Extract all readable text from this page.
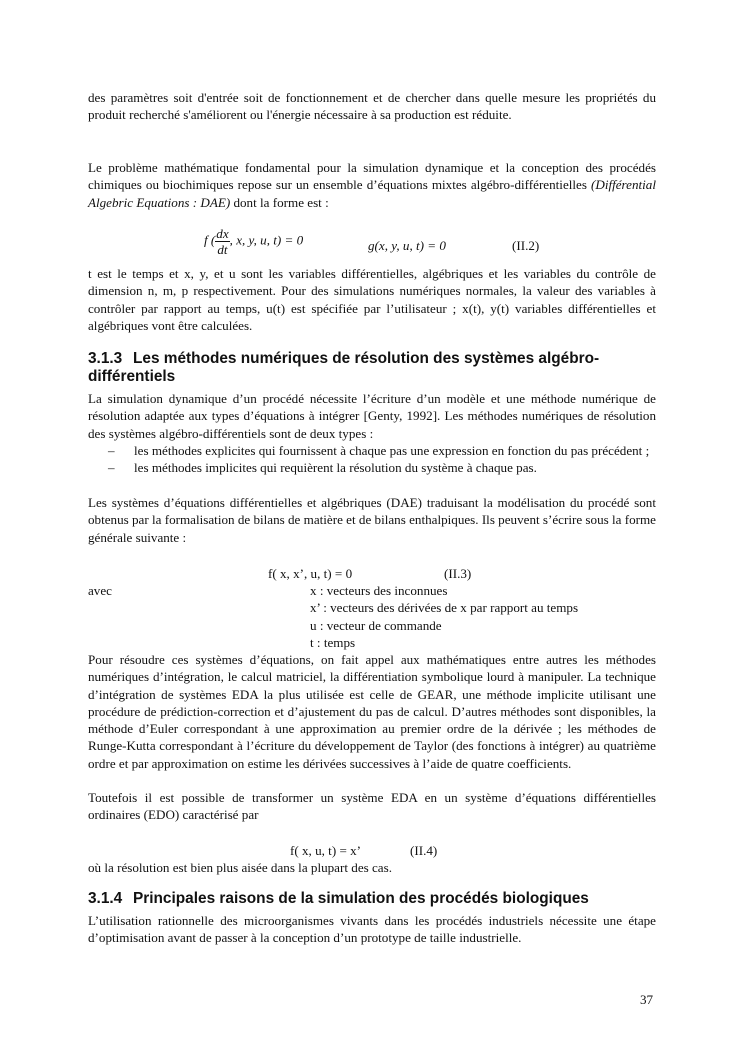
des paramètres soit d'entrée soit de fonctionnement et de chercher dans quelle mesure les propriétés du produit recherché s'améliorent ou l'énergie nécessaire à sa production est réduite.

Le problème mathématique fondamental pour la simulation dynamique et la conception des procédés chimiques ou biochimiques repose sur un ensemble d’équations mixtes algébro-différentielles (Différential Algebric Equations : DAE) dont la forme est :

f ( $\frac{dx}{dt}$ , x, y, u, t) = 0	g(x, y, u, t) = 0	(II.2)

t est le temps et x, y, et u sont les variables différentielles, algébriques et les variables du contrôle de dimension n, m, p respectivement. Pour des simulations numériques normales, la valeur des variables à contrôler par rapport au temps, u(t) est spécifiée par l’utilisateur ; x(t), y(t) variables différentielles et algébriques vont être calculées.

3.1.3 Les méthodes numériques de résolution des systèmes algébro-différentiels

La simulation dynamique d’un procédé nécessite l’écriture d’un modèle et une méthode numérique de résolution adaptée aux types d’équations à intégrer [Genty, 1992]. Les méthodes numériques de résolution des systèmes algébro-différentiels sont de deux types :

– les méthodes explicites qui fournissent à chaque pas une expression en fonction du pas précédent ;
– les méthodes implicites qui requièrent la résolution du système à chaque pas.

Les systèmes d’équations différentielles et algébriques (DAE) traduisant la modélisation du procédé sont obtenus par la formalisation de bilans de matière et de bilans enthalpiques. Ils peuvent s’écrire sous la forme générale suivante :

f( x, x’, u, t) = 0	(II.3)
avec	x : vecteurs des inconnues
x’ : vecteurs des dérivées de x par rapport au temps
u : vecteur de commande
t : temps

Pour résoudre ces systèmes d’équations, on fait appel aux mathématiques entre autres les méthodes numériques d’intégration, le calcul matriciel, la différentiation symbolique lourd à manipuler. La technique d’intégration de systèmes EDA la plus utilisée est celle de GEAR, une méthode implicite utilisant une procédure de prédiction-correction et d’ajustement du pas de calcul. D’autres méthodes sont disponibles, la méthode d’Euler correspondant à une approximation au premier ordre de la dérivée ; les méthodes de Runge-Kutta correspondant à l’écriture du développement de Taylor (des fonctions à intégrer) au quatrième ordre et par approximation on estime les dérivées successives à l’aide de quatre coefficients.

Toutefois il est possible de transformer un système EDA en un système d’équations différentielles ordinaires (EDO) caractérisé par

f( x, u, t) = x’	(II.4)

où la résolution est bien plus aisée dans la plupart des cas.

3.1.4 Principales raisons de la simulation des procédés biologiques

L’utilisation rationnelle des microorganismes vivants dans les procédés industriels nécessite une étape d’optimisation avant de passer à la conception d’un prototype de taille industrielle.

37
